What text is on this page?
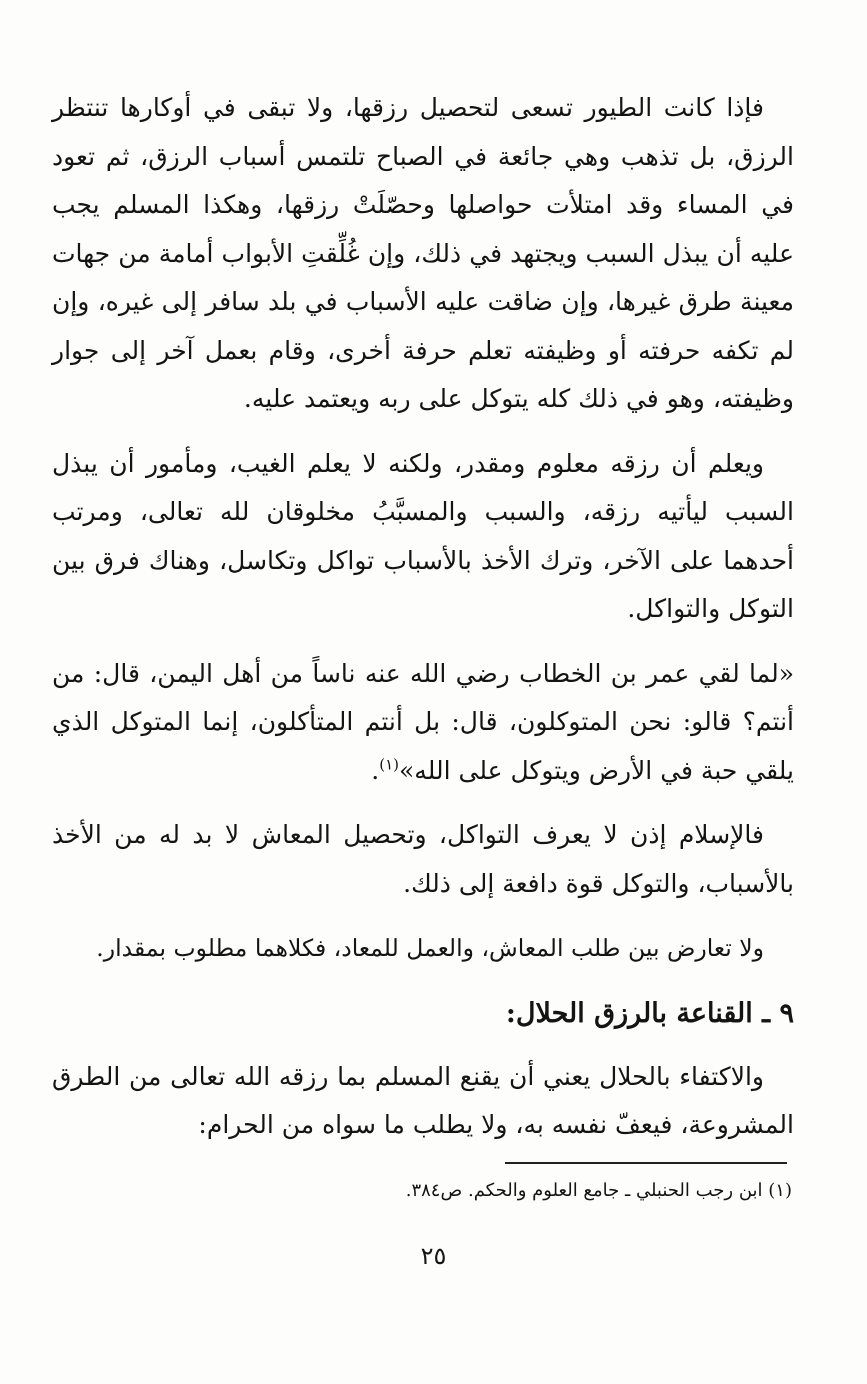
فإذا كانت الطيور تسعى لتحصيل رزقها، ولا تبقى في أوكارها تنتظر الرزق، بل تذهب وهي جائعة في الصباح تلتمس أسباب الرزق، ثم تعود في المساء وقد امتلأت حواصلها وحصّلَتْ رزقها، وهكذا المسلم يجب عليه أن يبذل السبب ويجتهد في ذلك، وإن غُلِّقتِ الأبواب أمامة من جهات معينة طرق غيرها، وإن ضاقت عليه الأسباب في بلد سافر إلى غيره، وإن لم تكفه حرفته أو وظيفته تعلم حرفة أخرى، وقام بعمل آخر إلى جوار وظيفته، وهو في ذلك كله يتوكل على ربه ويعتمد عليه.

ويعلم أن رزقه معلوم ومقدر، ولكنه لا يعلم الغيب، ومأمور أن يبذل السبب ليأتيه رزقه، والسبب والمسبَّبُ مخلوقان لله تعالى، ومرتب أحدهما على الآخر، وترك الأخذ بالأسباب تواكل وتكاسل، وهناك فرق بين التوكل والتواكل.

«لما لقي عمر بن الخطاب رضي الله عنه ناساً من أهل اليمن، قال: من أنتم؟ قالو: نحن المتوكلون، قال: بل أنتم المتأكلون، إنما المتوكل الذي يلقي حبة في الأرض ويتوكل على الله»$^{(١)}$.

فالإسلام إذن لا يعرف التواكل، وتحصيل المعاش لا بد له من الأخذ بالأسباب، والتوكل قوة دافعة إلى ذلك.

ولا تعارض بين طلب المعاش، والعمل للمعاد، فكلاهما مطلوب بمقدار.

٩ ـ القناعة بالرزق الحلال:

والاكتفاء بالحلال يعني أن يقنع المسلم بما رزقه الله تعالى من الطرق المشروعة، فيعفّ نفسه به، ولا يطلب ما سواه من الحرام:

(١) ابن رجب الحنبلي ـ جامع العلوم والحكم. ص٣٨٤.
٢٥
